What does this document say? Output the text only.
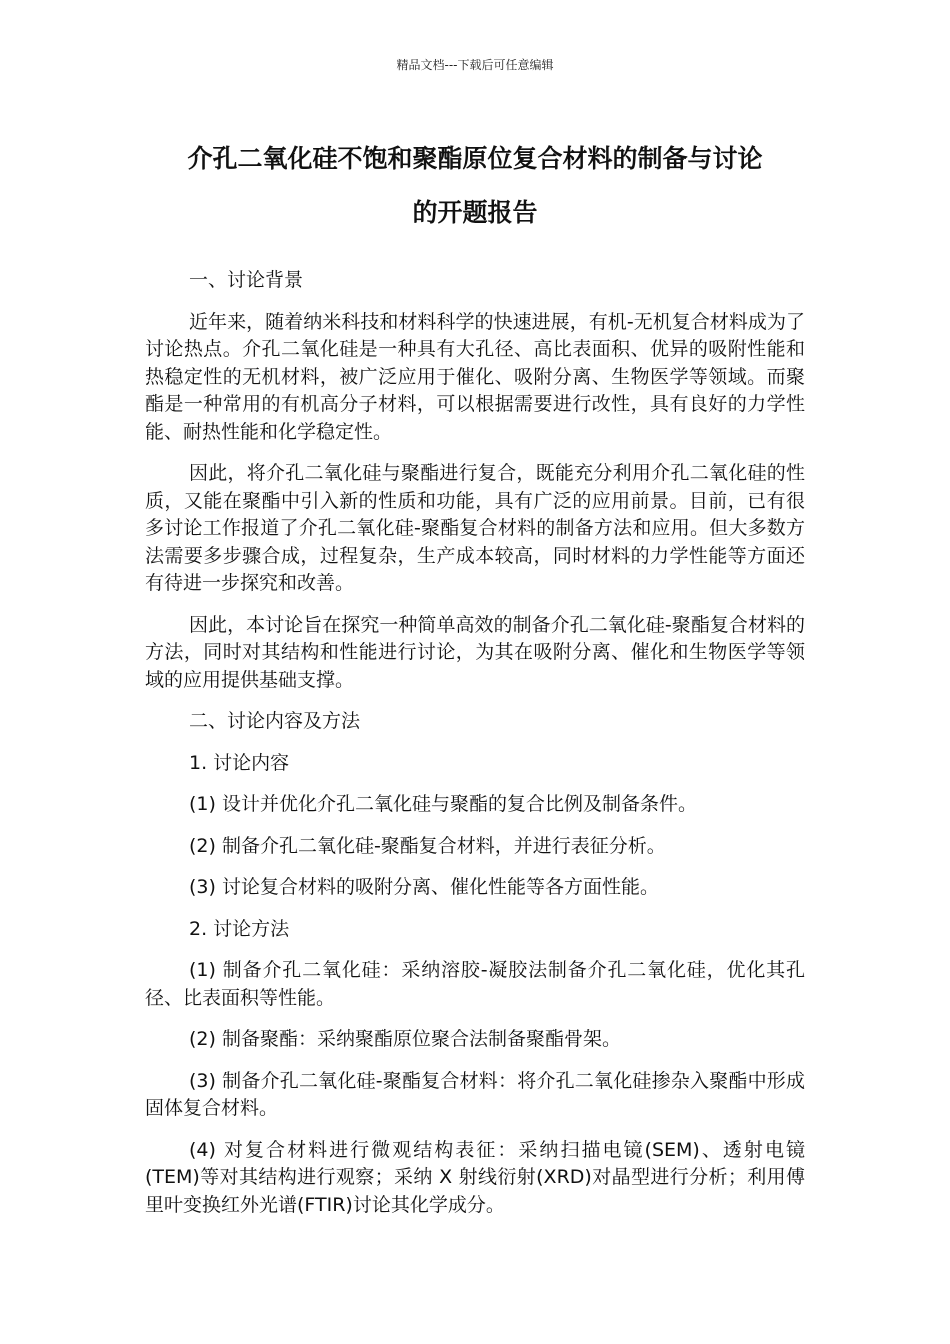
精品文档---下载后可任意编辑
介孔二氧化硅不饱和聚酯原位复合材料的制备与讨论
的开题报告

一、讨论背景

近年来，随着纳米科技和材料科学的快速进展，有机-无机复合材料成为了讨论热点。介孔二氧化硅是一种具有大孔径、高比表面积、优异的吸附性能和热稳定性的无机材料，被广泛应用于催化、吸附分离、生物医学等领域。而聚酯是一种常用的有机高分子材料，可以根据需要进行改性，具有良好的力学性能、耐热性能和化学稳定性。

因此，将介孔二氧化硅与聚酯进行复合，既能充分利用介孔二氧化硅的性质，又能在聚酯中引入新的性质和功能，具有广泛的应用前景。目前，已有很多讨论工作报道了介孔二氧化硅-聚酯复合材料的制备方法和应用。但大多数方法需要多步骤合成，过程复杂，生产成本较高，同时材料的力学性能等方面还有待进一步探究和改善。

因此，本讨论旨在探究一种简单高效的制备介孔二氧化硅-聚酯复合材料的方法，同时对其结构和性能进行讨论，为其在吸附分离、催化和生物医学等领域的应用提供基础支撑。

二、讨论内容及方法

1. 讨论内容

(1) 设计并优化介孔二氧化硅与聚酯的复合比例及制备条件。

(2) 制备介孔二氧化硅-聚酯复合材料，并进行表征分析。

(3) 讨论复合材料的吸附分离、催化性能等各方面性能。

2. 讨论方法

(1) 制备介孔二氧化硅：采纳溶胶-凝胶法制备介孔二氧化硅，优化其孔径、比表面积等性能。

(2) 制备聚酯：采纳聚酯原位聚合法制备聚酯骨架。

(3) 制备介孔二氧化硅-聚酯复合材料：将介孔二氧化硅掺杂入聚酯中形成固体复合材料。

(4) 对复合材料进行微观结构表征：采纳扫描电镜(SEM)、透射电镜(TEM)等对其结构进行观察；采纳 X 射线衍射(XRD)对晶型进行分析；利用傅里叶变换红外光谱(FTIR)讨论其化学成分。
